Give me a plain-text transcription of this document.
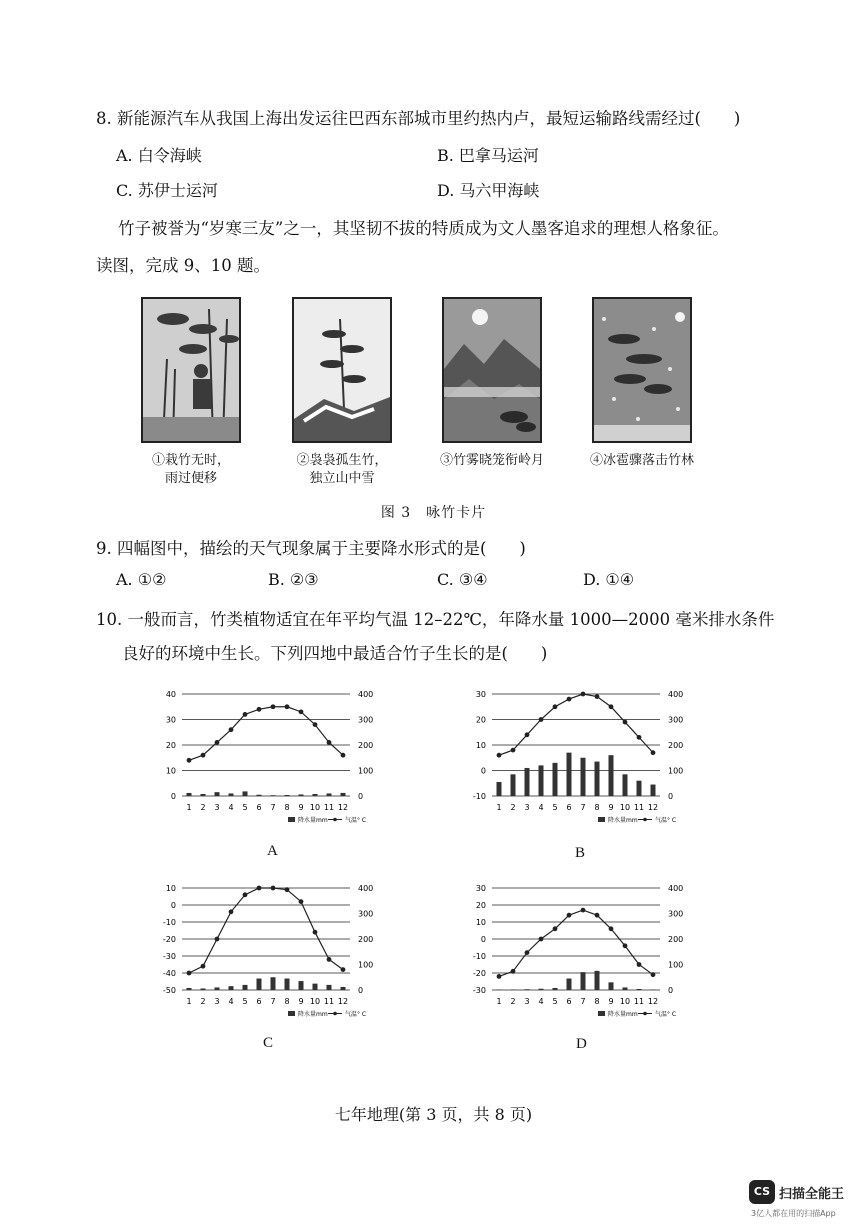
8. 新能源汽车从我国上海出发运往巴西东部城市里约热内卢，最短运输路线需经过(　　)
A. 白令海峡	B. 巴拿马运河
C. 苏伊士运河	D. 马六甲海峡
竹子被誉为“岁寒三友”之一，其坚韧不拔的特质成为文人墨客追求的理想人格象征。
读图，完成 9、10 题。
①栽竹无时，
雨过便移
②袅袅孤生竹，
独立山中雪
③竹雾晓笼衔岭月	④冰雹骤落击竹林
图 3　咏竹卡片
9. 四幅图中，描绘的天气现象属于主要降水形式的是(　　)
A. ①②	B. ②③	C. ③④	D. ①④
10. 一般而言，竹类植物适宜在年平均气温 12–22℃，年降水量 1000—2000 毫米排水条件
良好的环境中生长。下列四地中最适合竹子生长的是(　　)
0
10
20
30
40
0
100
200
300
400
1 2 3 4 5 6 7 8 9 10 11 12
降水量mm	气温° C
-10
0
10
20
30
0
100
200
300
400
1 2 3 4 5 6 7 8 9 10 11 12
降水量mm	气温° C
-50
-40
-30
-20
-10
0
10
0
100
200
300
400
1 2 3 4 5 6 7 8 9 10 11 12
降水量mm	气温° C
-30
-20
-10
0
10
20
30
0
100
200
300
400
1 2 3 4 5 6 7 8 9 10 11 12
降水量mm	气温° C
A	B
C	D
七年地理(第 3 页，共 8 页)
CS 扫描全能王
3亿人都在用的扫描App
